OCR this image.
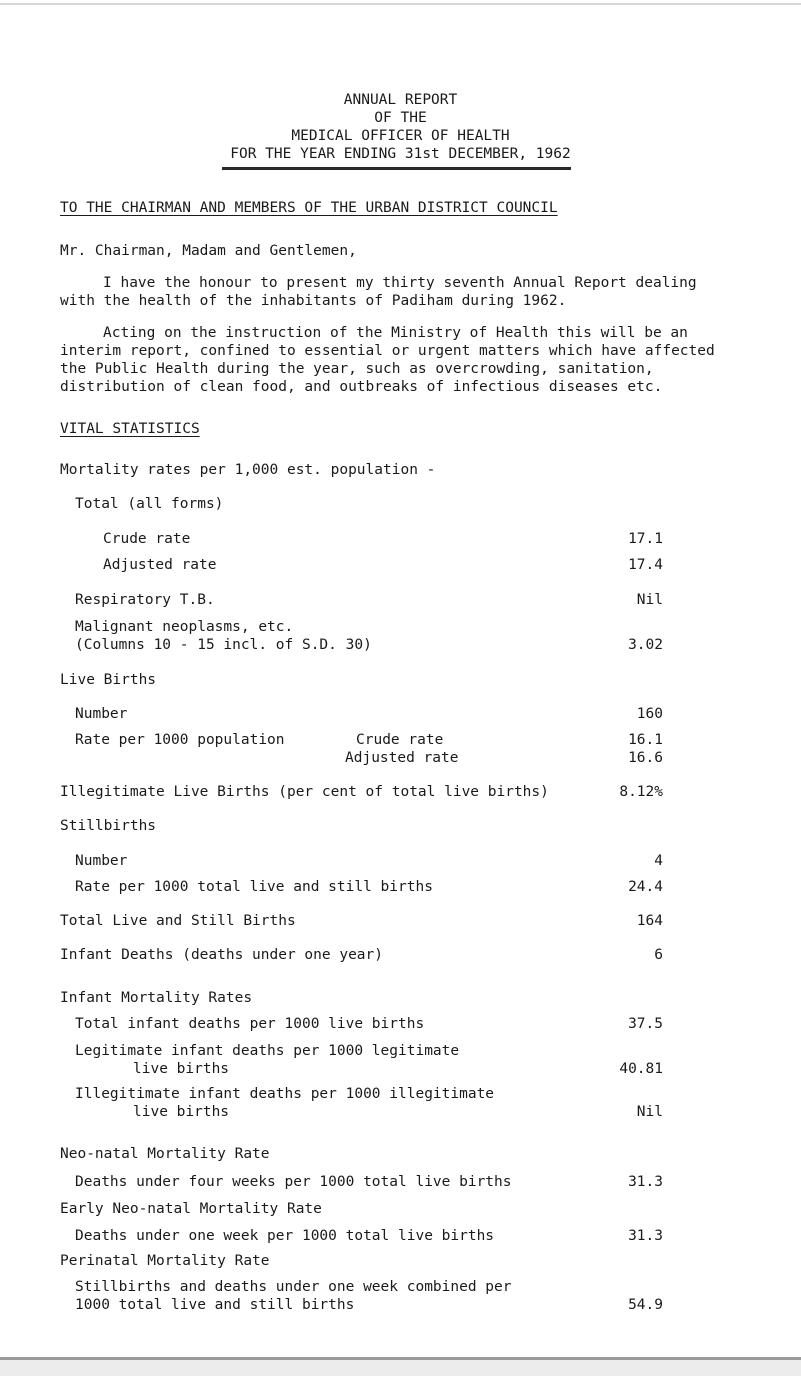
ANNUAL REPORT
OF THE
MEDICAL OFFICER OF HEALTH
FOR THE YEAR ENDING 31st DECEMBER, 1962
TO THE CHAIRMAN AND MEMBERS OF THE URBAN DISTRICT COUNCIL
Mr. Chairman, Madam and Gentlemen,
I have the honour to present my thirty seventh Annual Report dealing
with the health of the inhabitants of Padiham during 1962.
Acting on the instruction of the Ministry of Health this will be an
interim report, confined to essential or urgent matters which have affected
the Public Health during the year, such as overcrowding, sanitation,
distribution of clean food, and outbreaks of infectious diseases etc.
VITAL STATISTICS
Mortality rates per 1,000 est. population -
Total (all forms)
Crude rate	17.1
Adjusted rate	17.4
Respiratory T.B.	Nil
Malignant neoplasms, etc.
(Columns 10 - 15 incl. of S.D. 30)	3.02
Live Births
Number	160
Rate per 1000 population	Crude rate	16.1
Adjusted rate	16.6
Illegitimate Live Births (per cent of total live births)	8.12%
Stillbirths
Number	4
Rate per 1000 total live and still births	24.4
Total Live and Still Births	164
Infant Deaths (deaths under one year)	6
Infant Mortality Rates
Total infant deaths per 1000 live births	37.5
Legitimate infant deaths per 1000 legitimate
live births	40.81
Illegitimate infant deaths per 1000 illegitimate
live births	Nil
Neo-natal Mortality Rate
Deaths under four weeks per 1000 total live births	31.3
Early Neo-natal Mortality Rate
Deaths under one week per 1000 total live births	31.3
Perinatal Mortality Rate
Stillbirths and deaths under one week combined per
1000 total live and still births	54.9
